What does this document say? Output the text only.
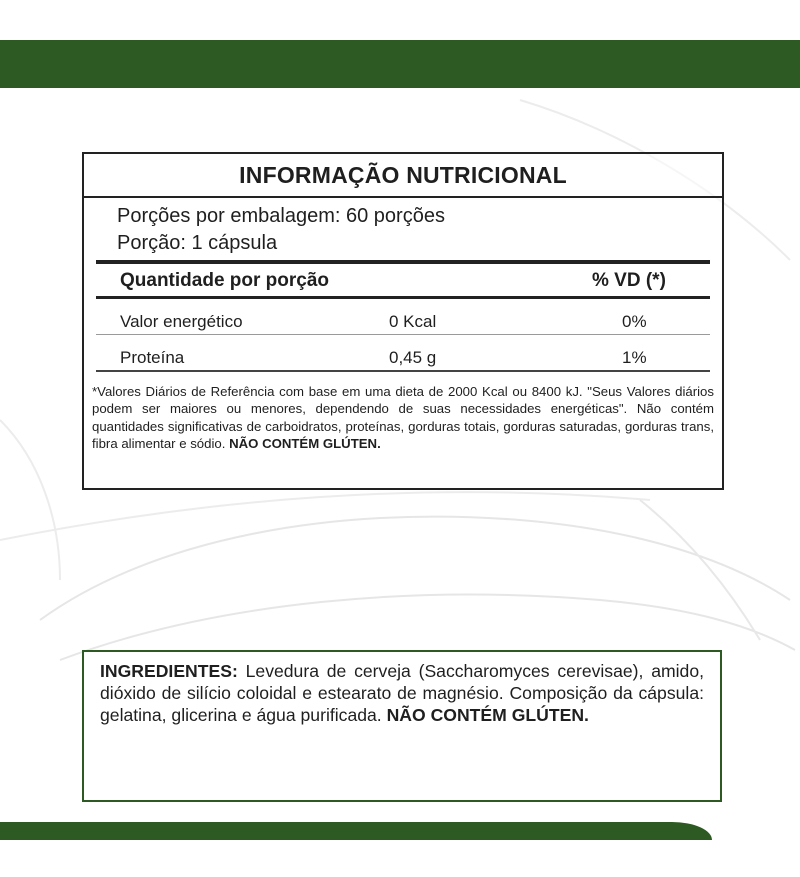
INFORMAÇÃO NUTRICIONAL
Porções por embalagem: 60 porções
Porção: 1 cápsula
Quantidade por porção	% VD (*)
Valor energético	0 Kcal	0%
Proteína	0,45 g	1%
*Valores Diários de Referência com base em uma dieta de 2000 Kcal ou 8400 kJ. "Seus Valores diários podem ser maiores ou menores, dependendo de suas necessidades energéticas". Não contém quantidades significativas de carboidratos, proteínas, gorduras totais, gorduras saturadas, gorduras trans, fibra alimentar e sódio. NÃO CONTÉM GLÚTEN.
INGREDIENTES: Levedura de cerveja (Saccharomyces cerevisae), amido, dióxido de silício coloidal e estearato de magnésio. Composição da cápsula: gelatina, glicerina e água purificada. NÃO CONTÉM GLÚTEN.
